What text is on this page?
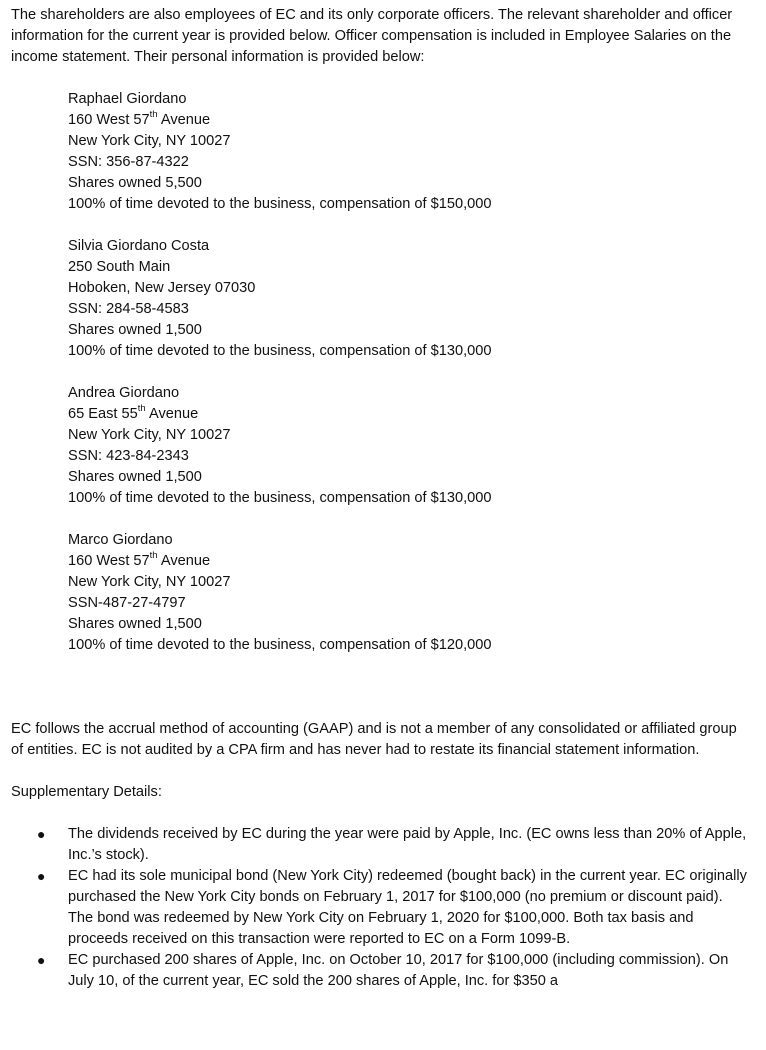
The shareholders are also employees of EC and its only corporate officers. The relevant shareholder and officer information for the current year is provided below. Officer compensation is included in Employee Salaries on the income statement. Their personal information is provided below:

Raphael Giordano
160 West 57th Avenue
New York City, NY 10027
SSN: 356-87-4322
Shares owned 5,500
100% of time devoted to the business, compensation of $150,000
Silvia Giordano Costa
250 South Main
Hoboken, New Jersey 07030
SSN: 284-58-4583
Shares owned 1,500
100% of time devoted to the business, compensation of $130,000
Andrea Giordano
65 East 55th Avenue
New York City, NY 10027
SSN: 423-84-2343
Shares owned 1,500
100% of time devoted to the business, compensation of $130,000
Marco Giordano
160 West 57th Avenue
New York City, NY 10027
SSN-487-27-4797
Shares owned 1,500
100% of time devoted to the business, compensation of $120,000

EC follows the accrual method of accounting (GAAP) and is not a member of any consolidated or affiliated group of entities. EC is not audited by a CPA firm and has never had to restate its financial statement information.

Supplementary Details:

● The dividends received by EC during the year were paid by Apple, Inc. (EC owns less than 20% of Apple, Inc.’s stock).
● EC had its sole municipal bond (New York City) redeemed (bought back) in the current year. EC originally purchased the New York City bonds on February 1, 2017 for $100,000 (no premium or discount paid). The bond was redeemed by New York City on February 1, 2020 for $100,000. Both tax basis and proceeds received on this transaction were reported to EC on a Form 1099-B.
● EC purchased 200 shares of Apple, Inc. on October 10, 2017 for $100,000 (including commission). On July 10, of the current year, EC sold the 200 shares of Apple, Inc. for $350 a
